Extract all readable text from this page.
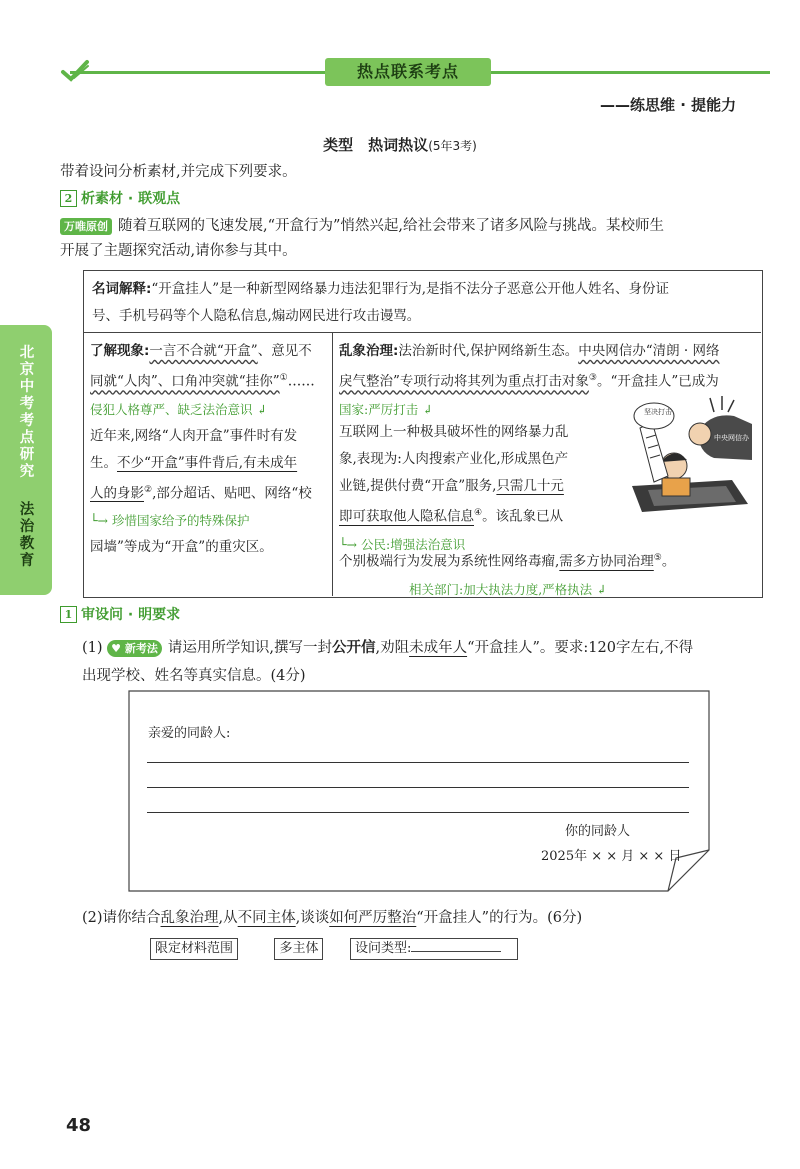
热点联系考点
——练思维 · 提能力
类型　热词热议(5年3考)
带着设问分析素材,并完成下列要求。
2 析素材 · 联观点
万唯原创 随着互联网的飞速发展,“开盒行为”悄然兴起,给社会带来了诸多风险与挑战。某校师生
开展了主题探究活动,请你参与其中。
北京中考考点研究
法治教育
名词解释:“开盒挂人”是一种新型网络暴力违法犯罪行为,是指不法分子恶意公开他人姓名、身份证
号、手机号码等个人隐私信息,煽动网民进行攻击谩骂。
了解现象:一言不合就“开盒”、意见不
同就“人肉”、口角冲突就“挂你”①……
侵犯人格尊严、缺乏法治意识 ↲
近年来,网络“人肉开盒”事件时有发
生。不少“开盒”事件背后,有未成年
人的身影②,部分超话、贴吧、网络“校
└→ 珍惜国家给予的特殊保护
园墙”等成为“开盒”的重灾区。
乱象治理:法治新时代,保护网络新生态。中央网信办“清朗 · 网络
戾气整治”专项行动将其列为重点打击对象③。“开盒挂人”已成为
国家:严厉打击 ↲
互联网上一种极具破坏性的网络暴力乱
象,表现为:人肉搜索产业化,形成黑色产
业链,提供付费“开盒”服务,只需几十元
即可获取他人隐私信息④。该乱象已从
└→ 公民:增强法治意识
个别极端行为发展为系统性网络毒瘤,需多方协同治理⑤。
相关部门:加大执法力度,严格执法 ↲
坚决打击
中央网信办
1 审设问 · 明要求
(1) ♥ 新考法 请运用所学知识,撰写一封公开信,劝阻未成年人“开盒挂人”。要求:120字左右,不得
出现学校、姓名等真实信息。(4分)
亲爱的同龄人:
你的同龄人
2025年 × × 月 × × 日
(2)请你结合乱象治理,从不同主体,谈谈如何严厉整治“开盒挂人”的行为。(6分)
限定材料范围	多主体	设问类型:
48
